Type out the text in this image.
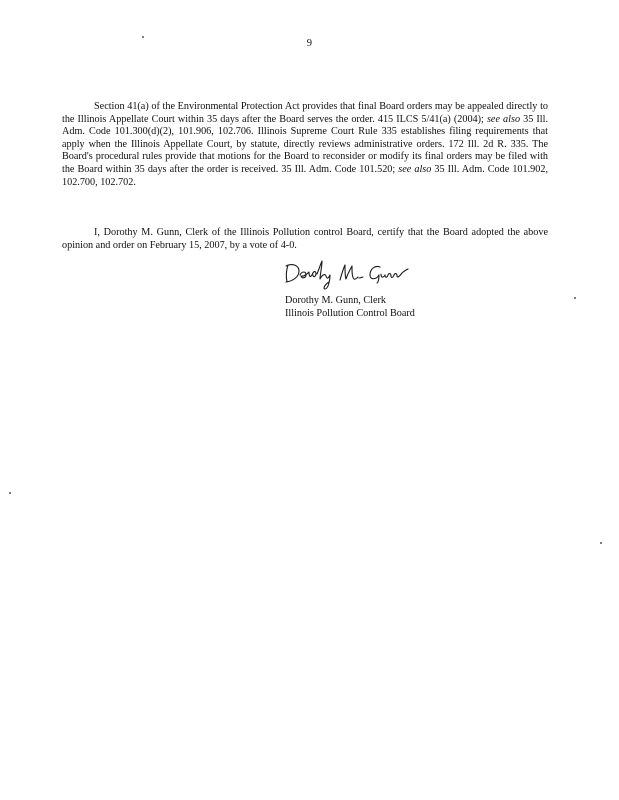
9

Section 41(a) of the Environmental Protection Act provides that final Board orders may be appealed directly to the Illinois Appellate Court within 35 days after the Board serves the order. 415 ILCS 5/41(a) (2004); see also 35 Ill. Adm. Code 101.300(d)(2), 101.906, 102.706. Illinois Supreme Court Rule 335 establishes filing requirements that apply when the Illinois Appellate Court, by statute, directly reviews administrative orders. 172 Ill. 2d R. 335. The Board's procedural rules provide that motions for the Board to reconsider or modify its final orders may be filed with the Board within 35 days after the order is received. 35 Ill. Adm. Code 101.520; see also 35 Ill. Adm. Code 101.902, 102.700, 102.702.

I, Dorothy M. Gunn, Clerk of the Illinois Pollution control Board, certify that the Board adopted the above opinion and order on February 15, 2007, by a vote of 4-0.

Dorothy M. Gunn, Clerk
Illinois Pollution Control Board
